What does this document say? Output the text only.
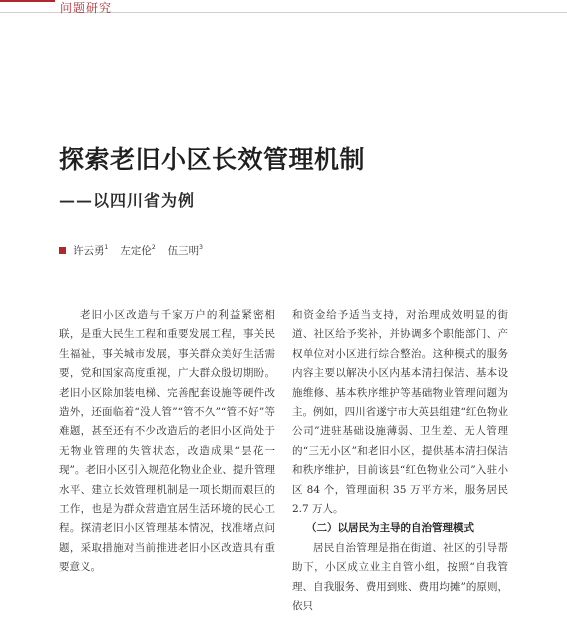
问题研究
探索老旧小区长效管理机制
——以四川省为例
许云勇$^1$ 左定伦$^2$ 伍三明$^3$

老旧小区改造与千家万户的利益紧密相联，是重大民生工程和重要发展工程，事关民生福祉，事关城市发展，事关群众美好生活需要，党和国家高度重视，广大群众殷切期盼。老旧小区除加装电梯、完善配套设施等硬件改造外，还面临着“没人管”“管不久”“管不好”等难题，甚至还有不少改造后的老旧小区尚处于无物业管理的失管状态，改造成果“昙花一现”。老旧小区引入规范化物业企业、提升管理水平、建立长效管理机制是一项长期而艰巨的工作，也是为群众营造宜居生活环境的民心工程。探清老旧小区管理基本情况，找准堵点问题，采取措施对当前推进老旧小区改造具有重要意义。

和资金给予适当支持，对治理成效明显的街道、社区给予奖补，并协调多个职能部门、产权单位对小区进行综合整治。这种模式的服务内容主要以解决小区内基本清扫保洁、基本设施维修、基本秩序维护等基础物业管理问题为主。例如，四川省遂宁市大英县组建“红色物业公司”进驻基础设施薄弱、卫生差、无人管理的“三无小区”和老旧小区，提供基本清扫保洁和秩序维护，目前该县“红色物业公司”入驻小区 84 个，管理面积 35 万平方米，服务居民 2.7 万人。

（二）以居民为主导的自治管理模式

居民自治管理是指在街道、社区的引导帮助下，小区成立业主自管小组，按照“自我管理、自我服务、费用到账、费用均摊”的原则，依只
